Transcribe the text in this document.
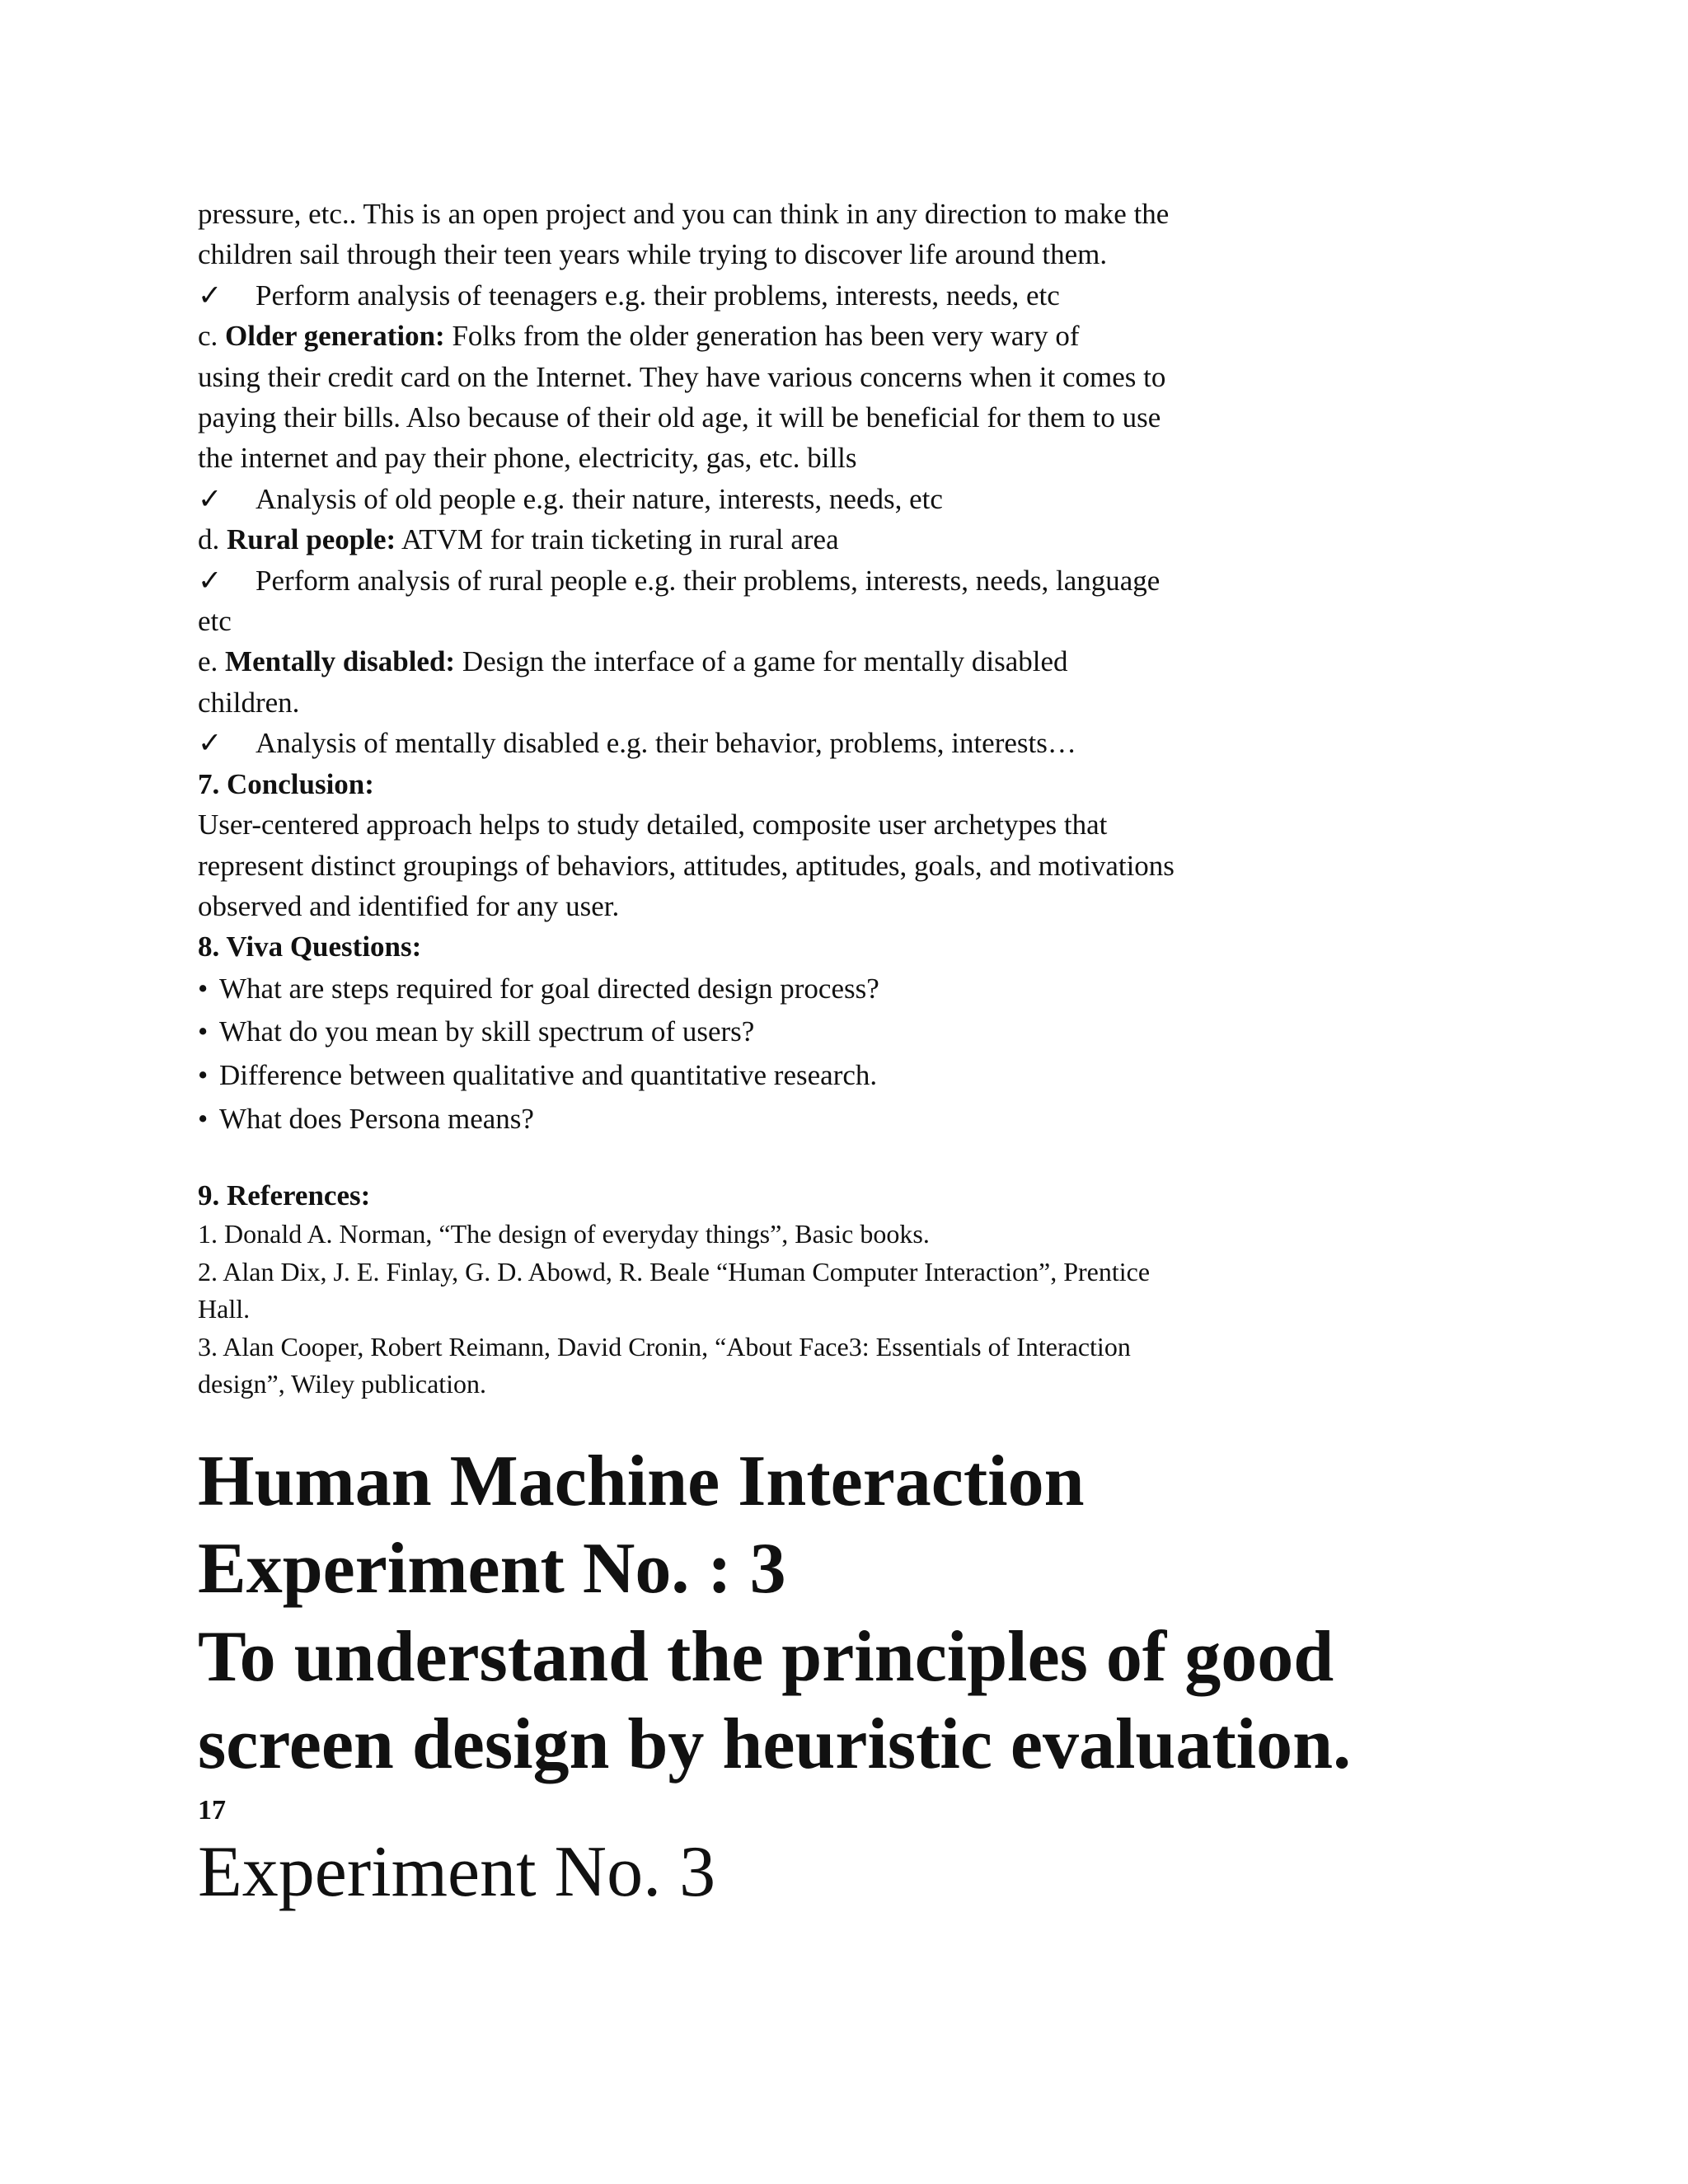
pressure, etc.. This is an open project and you can think in any direction to make the
children sail through their teen years while trying to discover life around them.
✓ Perform analysis of teenagers e.g. their problems, interests, needs, etc
c. Older generation: Folks from the older generation has been very wary of
using their credit card on the Internet. They have various concerns when it comes to
paying their bills. Also because of their old age, it will be beneficial for them to use
the internet and pay their phone, electricity, gas, etc. bills
✓ Analysis of old people e.g. their nature, interests, needs, etc
d. Rural people: ATVM for train ticketing in rural area
✓ Perform analysis of rural people e.g. their problems, interests, needs, language
etc
e. Mentally disabled: Design the interface of a game for mentally disabled
children.
✓ Analysis of mentally disabled e.g. their behavior, problems, interests…
7. Conclusion:
User-centered approach helps to study detailed, composite user archetypes that
represent distinct groupings of behaviors, attitudes, aptitudes, goals, and motivations
observed and identified for any user.
8. Viva Questions:
• What are steps required for goal directed design process?
• What do you mean by skill spectrum of users?
• Difference between qualitative and quantitative research.
• What does Persona means?
9. References:
1. Donald A. Norman, “The design of everyday things”, Basic books.
2. Alan Dix, J. E. Finlay, G. D. Abowd, R. Beale “Human Computer Interaction”, Prentice
Hall.
3. Alan Cooper, Robert Reimann, David Cronin, “About Face3: Essentials of Interaction
design”, Wiley publication.
Human Machine Interaction
Experiment No. : 3
To understand the principles of good
screen design by heuristic evaluation.
17
Experiment No. 3
